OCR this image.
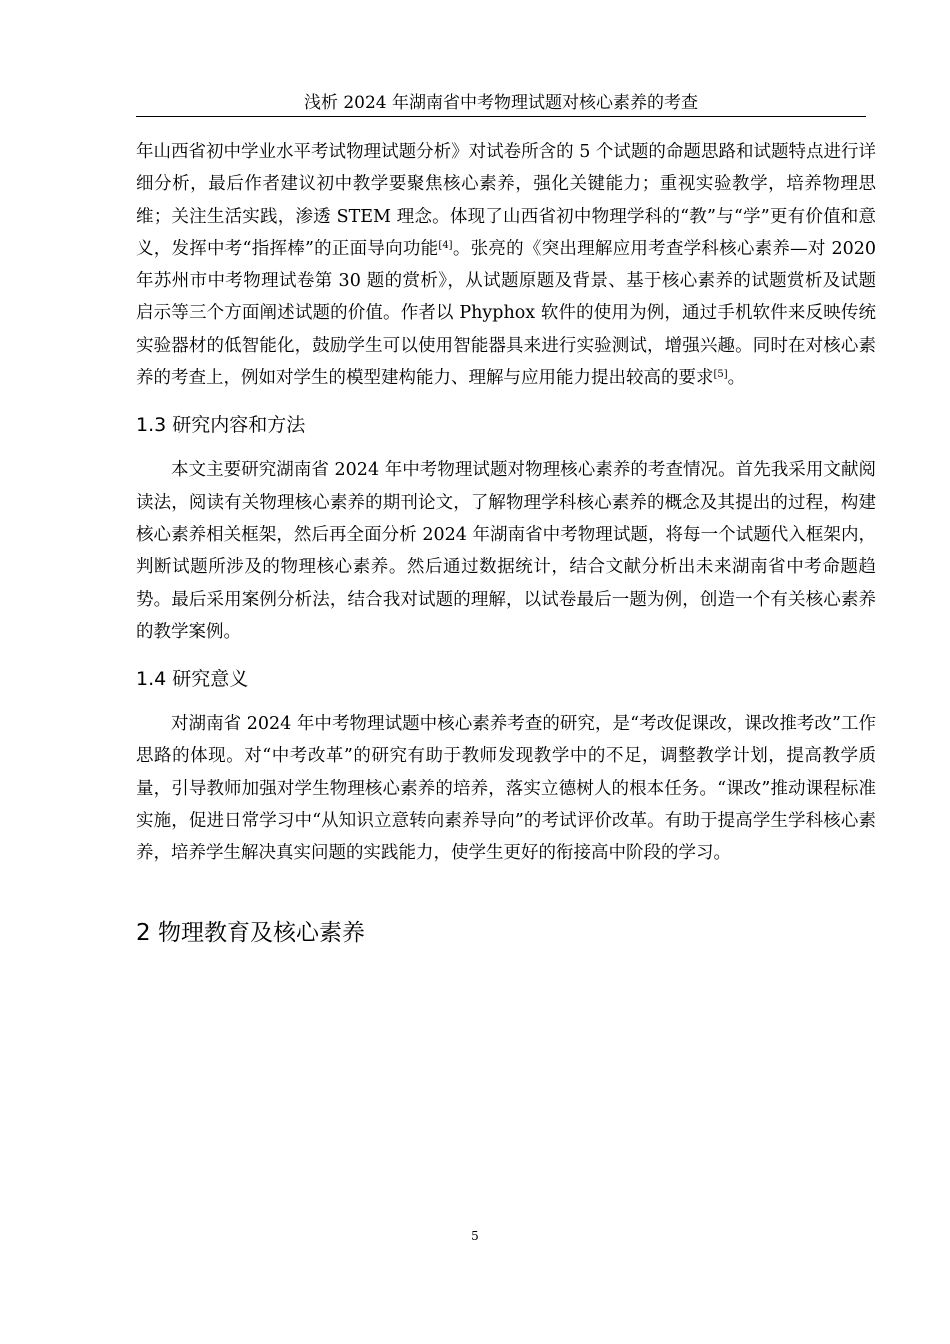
浅析 2024 年湖南省中考物理试题对核心素养的考查

年山西省初中学业水平考试物理试题分析》对试卷所含的 5 个试题的命题思路和试题特点进行详细分析，最后作者建议初中教学要聚焦核心素养，强化关键能力；重视实验教学，培养物理思维；关注生活实践，渗透 STEM 理念。体现了山西省初中物理学科的“教”与“学”更有价值和意义，发挥中考“指挥棒”的正面导向功能[4]。张亮的《突出理解应用考查学科核心素养—对 2020 年苏州市中考物理试卷第 30 题的赏析》，从试题原题及背景、基于核心素养的试题赏析及试题启示等三个方面阐述试题的价值。作者以 Phyphox 软件的使用为例，通过手机软件来反映传统实验器材的低智能化，鼓励学生可以使用智能器具来进行实验测试，增强兴趣。同时在对核心素养的考查上，例如对学生的模型建构能力、理解与应用能力提出较高的要求[5]。

1.3 研究内容和方法

本文主要研究湖南省 2024 年中考物理试题对物理核心素养的考查情况。首先我采用文献阅读法，阅读有关物理核心素养的期刊论文，了解物理学科核心素养的概念及其提出的过程，构建核心素养相关框架，然后再全面分析 2024 年湖南省中考物理试题，将每一个试题代入框架内，判断试题所涉及的物理核心素养。然后通过数据统计，结合文献分析出未来湖南省中考命题趋势。最后采用案例分析法，结合我对试题的理解，以试卷最后一题为例，创造一个有关核心素养的教学案例。

1.4 研究意义

对湖南省 2024 年中考物理试题中核心素养考查的研究，是“考改促课改，课改推考改”工作思路的体现。对“中考改革”的研究有助于教师发现教学中的不足，调整教学计划，提高教学质量，引导教师加强对学生物理核心素养的培养，落实立德树人的根本任务。“课改”推动课程标准实施，促进日常学习中“从知识立意转向素养导向”的考试评价改革。有助于提高学生学科核心素养，培养学生解决真实问题的实践能力，使学生更好的衔接高中阶段的学习。

2 物理教育及核心素养
5
